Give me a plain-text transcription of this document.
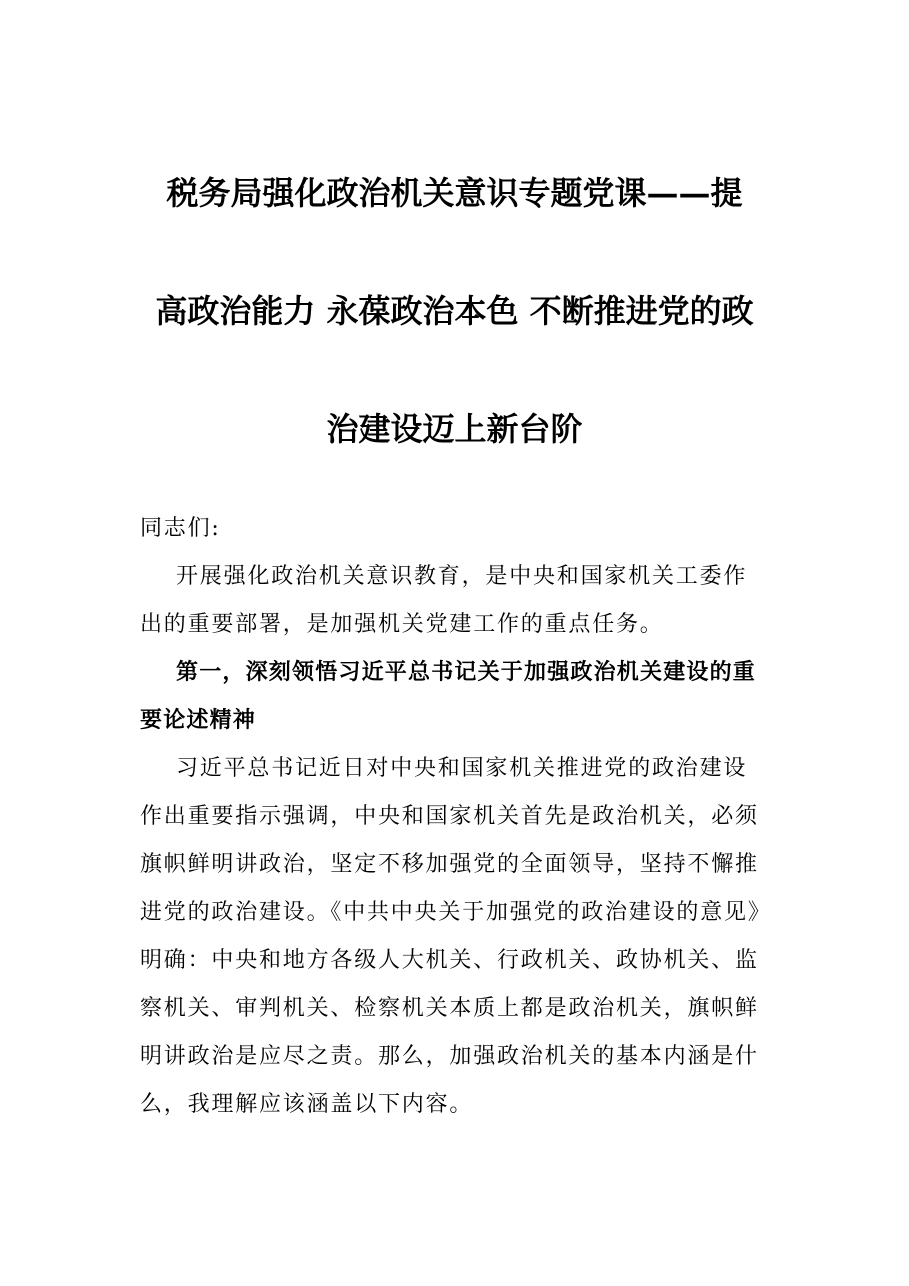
税务局强化政治机关意识专题党课——提
高政治能力 永葆政治本色 不断推进党的政
治建设迈上新台阶

同志们:

开展强化政治机关意识教育，是中央和国家机关工委作出的重要部署，是加强机关党建工作的重点任务。

第一，深刻领悟习近平总书记关于加强政治机关建设的重要论述精神

习近平总书记近日对中央和国家机关推进党的政治建设作出重要指示强调，中央和国家机关首先是政治机关，必须旗帜鲜明讲政治，坚定不移加强党的全面领导，坚持不懈推进党的政治建设。《中共中央关于加强党的政治建设的意见》明确：中央和地方各级人大机关、行政机关、政协机关、监察机关、审判机关、检察机关本质上都是政治机关，旗帜鲜明讲政治是应尽之责。那么，加强政治机关的基本内涵是什么，我理解应该涵盖以下内容。
